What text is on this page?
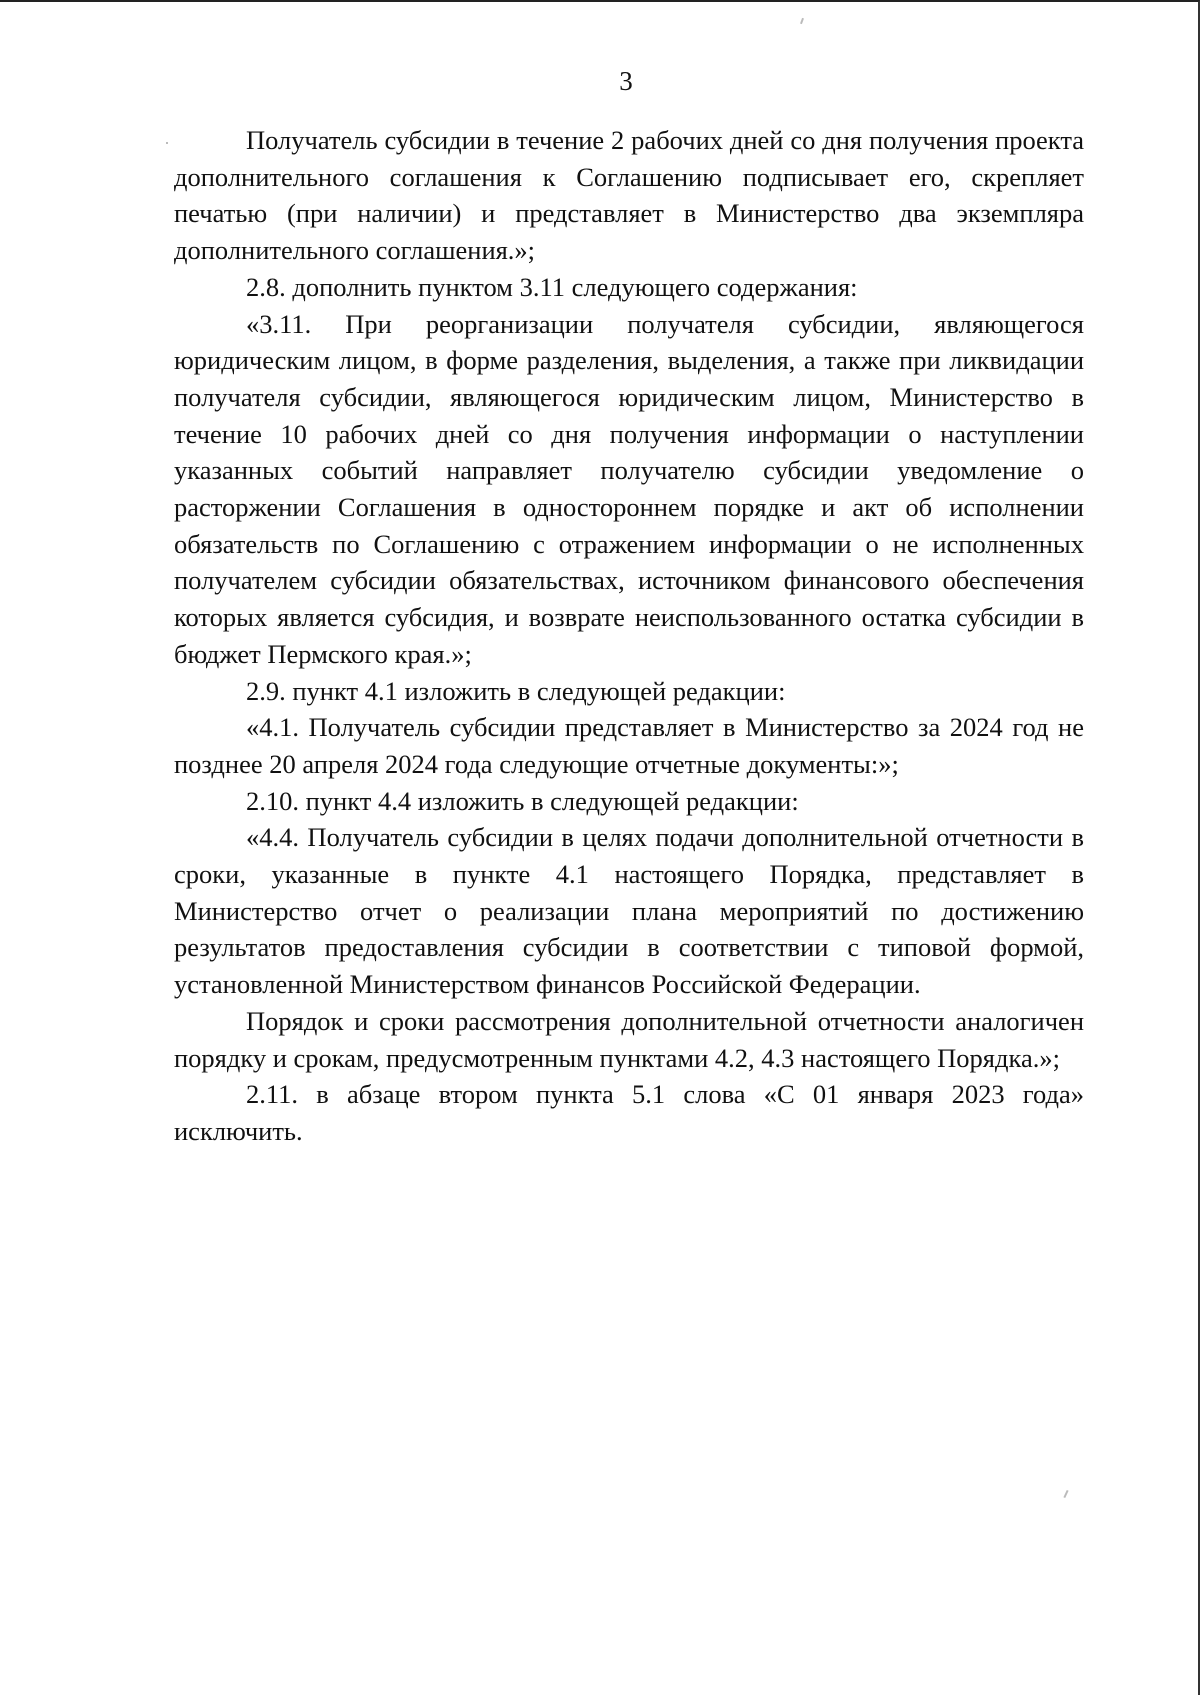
3

Получатель субсидии в течение 2 рабочих дней со дня получения проекта дополнительного соглашения к Соглашению подписывает его, скрепляет печатью (при наличии) и представляет в Министерство два экземпляра дополнительного соглашения.»;

2.8. дополнить пунктом 3.11 следующего содержания:

«3.11. При реорганизации получателя субсидии, являющегося юридическим лицом, в форме разделения, выделения, а также при ликвидации получателя субсидии, являющегося юридическим лицом, Министерство в течение 10 рабочих дней со дня получения информации о наступлении указанных событий направляет получателю субсидии уведомление о расторжении Соглашения в одностороннем порядке и акт об исполнении обязательств по Соглашению с отражением информации о не исполненных получателем субсидии обязательствах, источником финансового обеспечения которых является субсидия, и возврате неиспользованного остатка субсидии в бюджет Пермского края.»;

2.9. пункт 4.1 изложить в следующей редакции:

«4.1. Получатель субсидии представляет в Министерство за 2024 год не позднее 20 апреля 2024 года следующие отчетные документы:»;

2.10. пункт 4.4 изложить в следующей редакции:

«4.4. Получатель субсидии в целях подачи дополнительной отчетности в сроки, указанные в пункте 4.1 настоящего Порядка, представляет в Министерство отчет о реализации плана мероприятий по достижению результатов предоставления субсидии в соответствии с типовой формой, установленной Министерством финансов Российской Федерации.

Порядок и сроки рассмотрения дополнительной отчетности аналогичен порядку и срокам, предусмотренным пунктами 4.2, 4.3 настоящего Порядка.»;

2.11. в абзаце втором пункта 5.1 слова «С 01 января 2023 года» исключить.
